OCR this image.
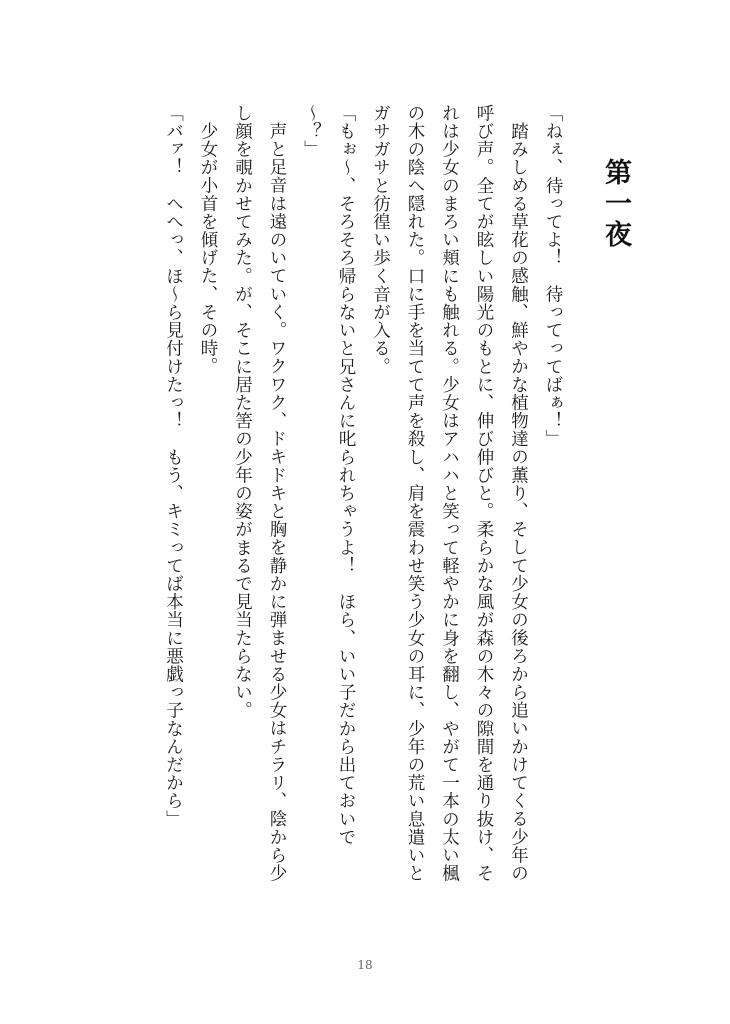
第一夜

「ねぇ、待ってよ！　待ってってばぁ！」

踏みしめる草花の感触、鮮やかな植物達の薫り、そして少女の後ろから追いかけてくる少年の

呼び声。全てが眩しい陽光のもとに、伸び伸びと。柔らかな風が森の木々の隙間を通り抜け、そ

れは少女のまろい頬にも触れる。少女はアハハと笑って軽やかに身を翻し、やがて一本の太い楓

の木の陰へ隠れた。口に手を当てて声を殺し、肩を震わせ笑う少女の耳に、少年の荒い息遣いと

ガサガサと彷徨い歩く音が入る。

「もぉ〜、そろそろ帰らないと兄さんに叱られちゃうよ！　ほら、いい子だから出ておいで

〜？」

声と足音は遠のいていく。ワクワク、ドキドキと胸を静かに弾ませる少女はチラリ、陰から少

し顔を覗かせてみた。が、そこに居た筈の少年の姿がまるで見当たらない。

少女が小首を傾げた、その時。

「バァ！　へへっ、ほ〜ら見付けたっ！　もう、キミってば本当に悪戯っ子なんだから」

18
